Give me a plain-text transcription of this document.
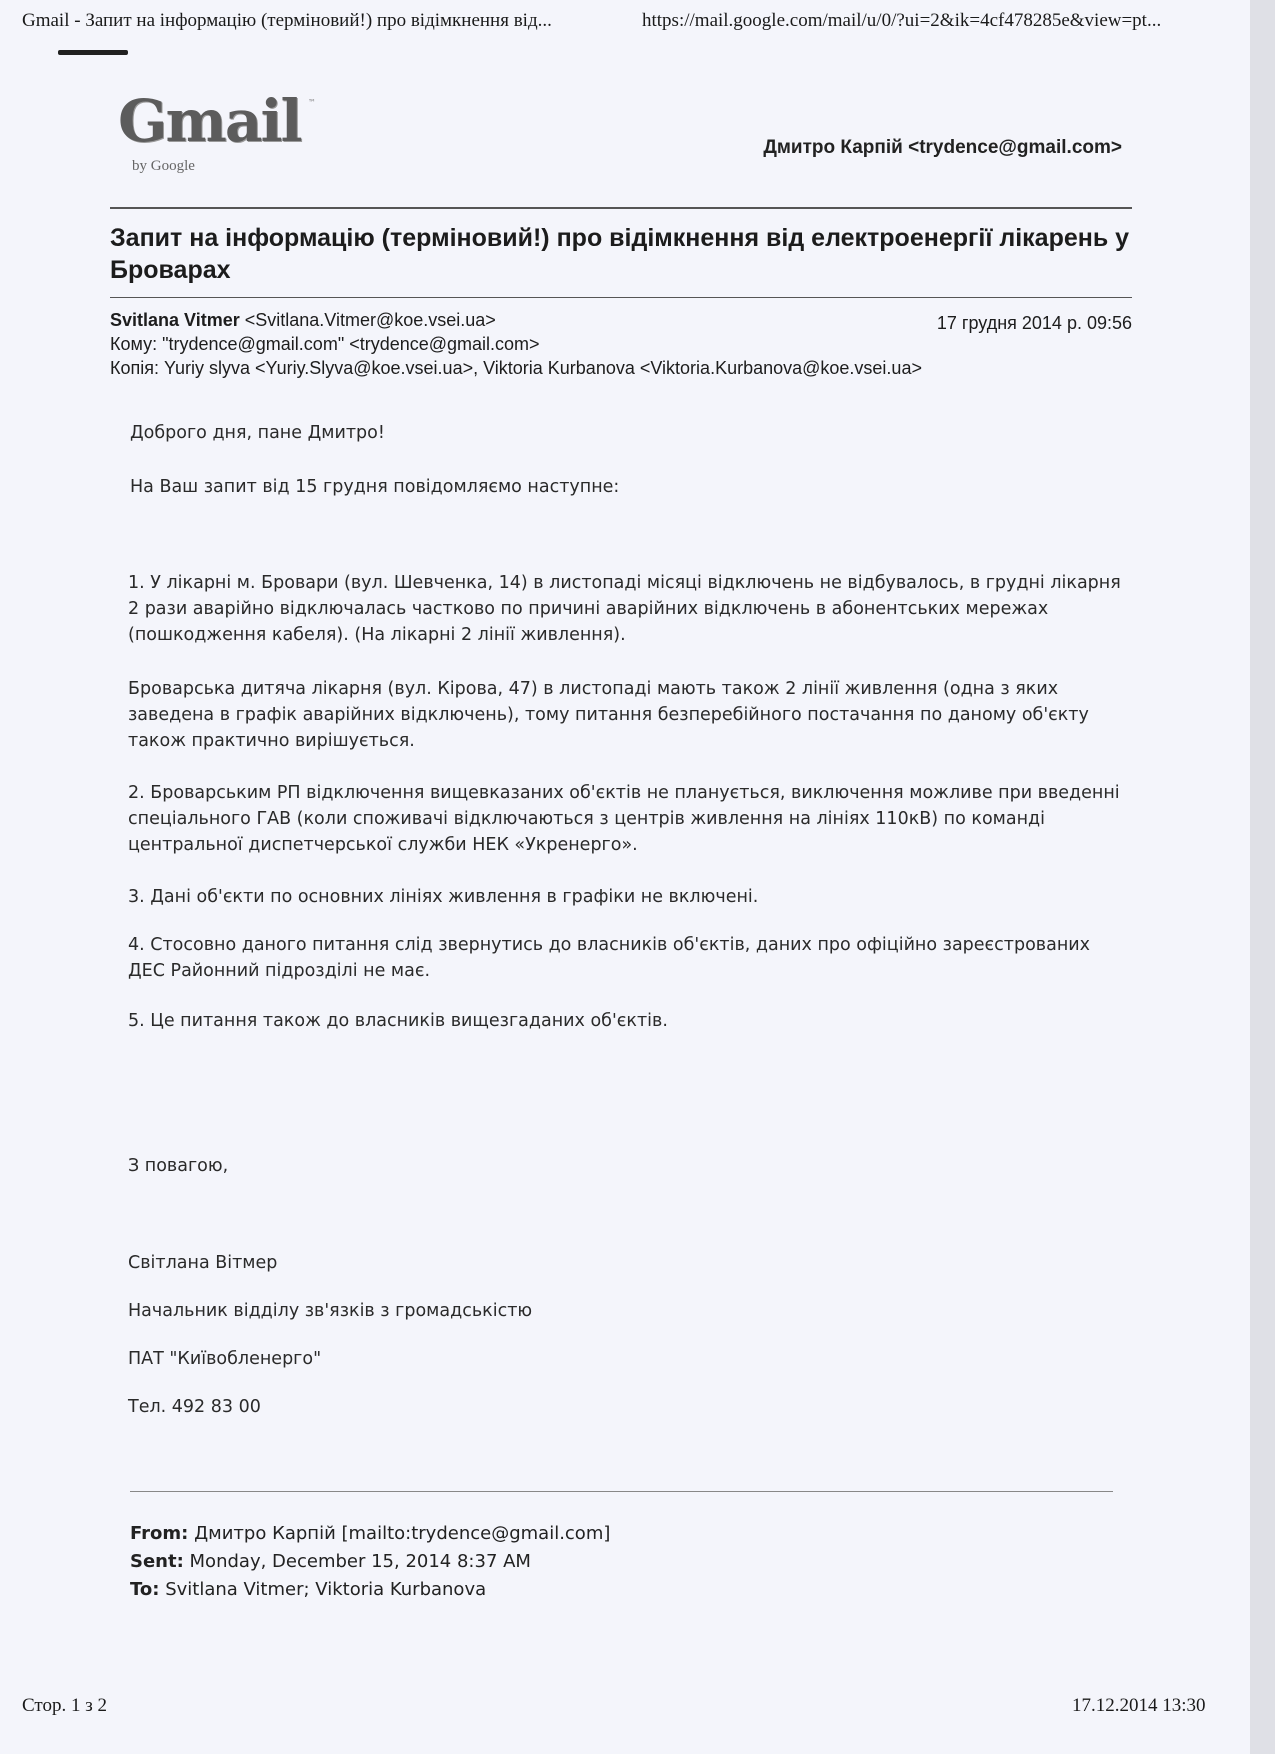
Gmail - Запит на інформацію (терміновий!) про відімкнення від...	https://mail.google.com/mail/u/0/?ui=2&ik=4cf478285e&view=pt...
Gmail ™
by Google
Дмитро Карпій <trydence@gmail.com>
Запит на інформацію (терміновий!) про відімкнення від електроенергії лікарень у Броварах
Svitlana Vitmer <Svitlana.Vitmer@koe.vsei.ua>	17 грудня 2014 р. 09:56
Кому: "trydence@gmail.com" <trydence@gmail.com>
Копія: Yuriy slyva <Yuriy.Slyva@koe.vsei.ua>, Viktoria Kurbanova <Viktoria.Kurbanova@koe.vsei.ua>

Доброго дня, пане Дмитро!

На Ваш запит від 15 грудня повідомляємо наступне:

1. У лікарні м. Бровари (вул. Шевченка, 14) в листопаді місяці відключень не відбувалось, в грудні лікарня 2 рази аварійно відключалась частково по причині аварійних відключень в абонентських мережах (пошкодження кабеля). (На лікарні 2 лінії живлення).

Броварська дитяча лікарня (вул. Кірова, 47) в листопаді мають також 2 лінії живлення (одна з яких заведена в графік аварійних відключень), тому питання безперебійного постачання по даному об'єкту також практично вирішується.

2. Броварським РП відключення вищевказаних об'єктів не планується, виключення можливе при введенні спеціального ГАВ (коли споживачі відключаються з центрів живлення на лініях 110кВ) по команді центральної диспетчерської служби НЕК «Укренерго».

3. Дані об'єкти по основних лініях живлення в графіки не включені.

4. Стосовно даного питання слід звернутись до власників об'єктів, даних про офіційно зареєстрованих ДЕС Районний підрозділі не має.

5. Це питання також до власників вищезгаданих об'єктів.

З повагою,

Світлана Вітмер

Начальник відділу зв'язків з громадськістю

ПАТ "Київобленерго"

Тел. 492 83 00

From: Дмитро Карпій [mailto:trydence@gmail.com]
Sent: Monday, December 15, 2014 8:37 AM
To: Svitlana Vitmer; Viktoria Kurbanova
Стор. 1 з 2	17.12.2014 13:30
